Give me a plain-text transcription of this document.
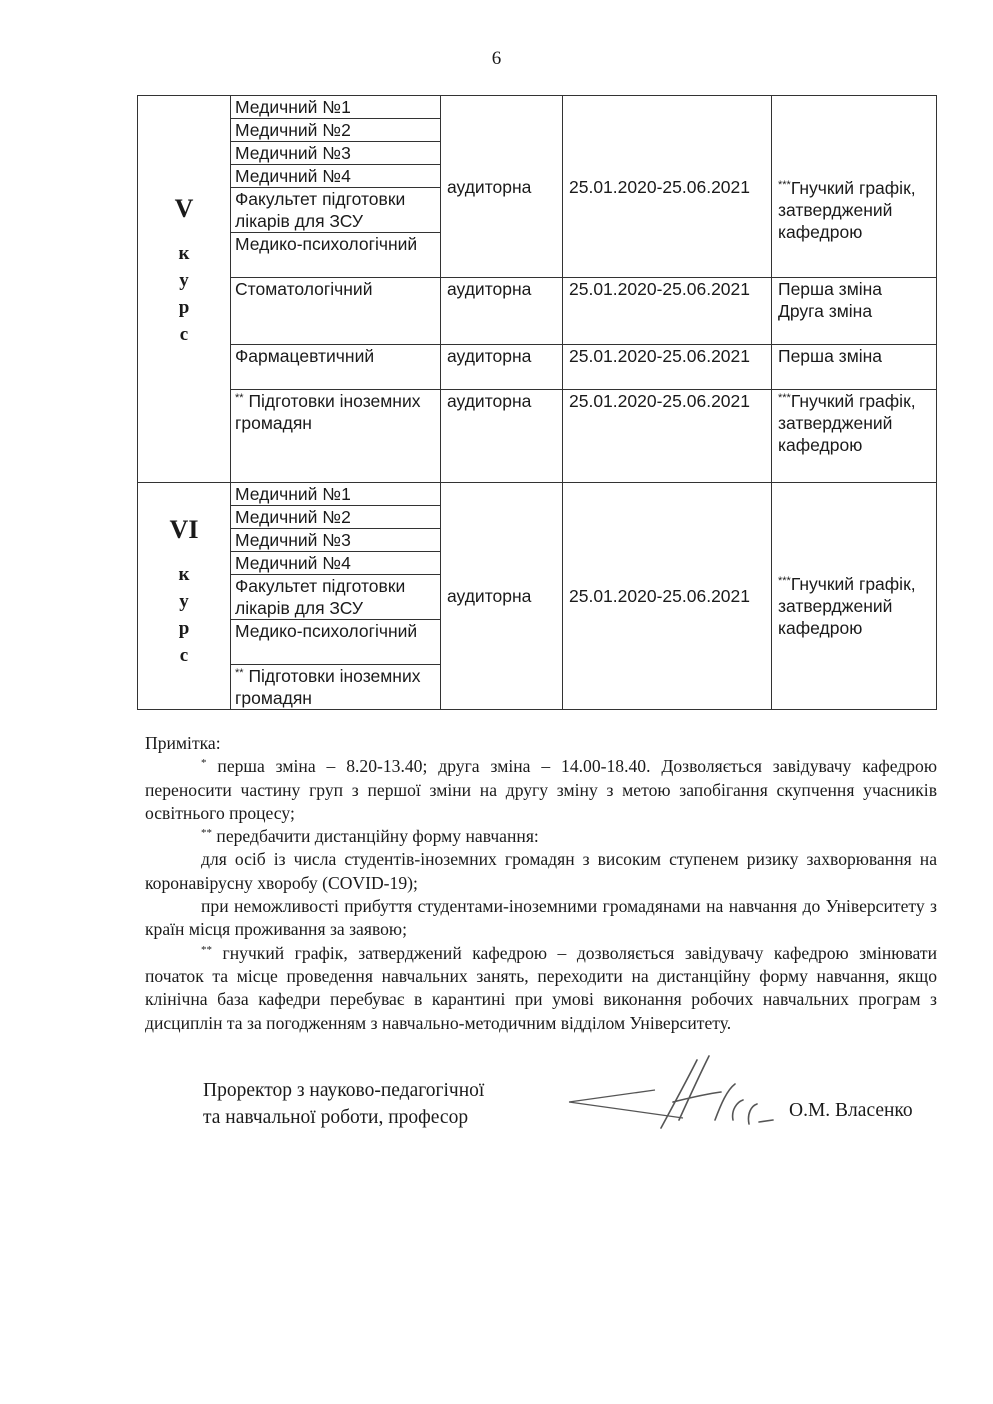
6
V
к
у
р
с	Медичний №1	аудиторна	25.01.2020-25.06.2021	***Гнучкий графік, затверджений кафедрою
	Медичний №2			
	Медичний №3			
	Медичний №4			
	Факультет підготовки лікарів для ЗСУ			
	Медико-психологічний			
	Стоматологічний	аудиторна	25.01.2020-25.06.2021	Перша зміна Друга зміна
	Фармацевтичний	аудиторна	25.01.2020-25.06.2021	Перша зміна
	** Підготовки іноземних громадян	аудиторна	25.01.2020-25.06.2021	***Гнучкий графік, затверджений кафедрою

VI
к
у
р
с	Медичний №1	аудиторна	25.01.2020-25.06.2021	***Гнучкий графік, затверджений кафедрою
	Медичний №2			
	Медичний №3			
	Медичний №4			
	Факультет підготовки лікарів для ЗСУ			
	Медико-психологічний			
	** Підготовки іноземних громадян			

Примітка:

* перша зміна – 8.20-13.40; друга зміна – 14.00-18.40. Дозволяється завідувачу кафедрою переносити частину груп з першої зміни на другу зміну з метою запобігання скупчення учасників освітнього процесу;

** передбачити дистанційну форму навчання:

для осіб із числа студентів-іноземних громадян з високим ступенем ризику захворювання на коронавірусну хворобу (COVID-19);

при неможливості прибуття студентами-іноземними громадянами на навчання до Університету з країн місця проживання за заявою;

** гнучкий графік, затверджений кафедрою – дозволяється завідувачу кафедрою змінювати початок та місце проведення навчальних занять, переходити на дистанційну форму навчання, якщо клінічна база кафедри перебуває в карантині при умові виконання робочих навчальних програм з дисциплін та за погодженням з навчально-методичним відділом Університету.

Проректор з науково-педагогічної
та навчальної роботи, професор	О.М. Власенко
